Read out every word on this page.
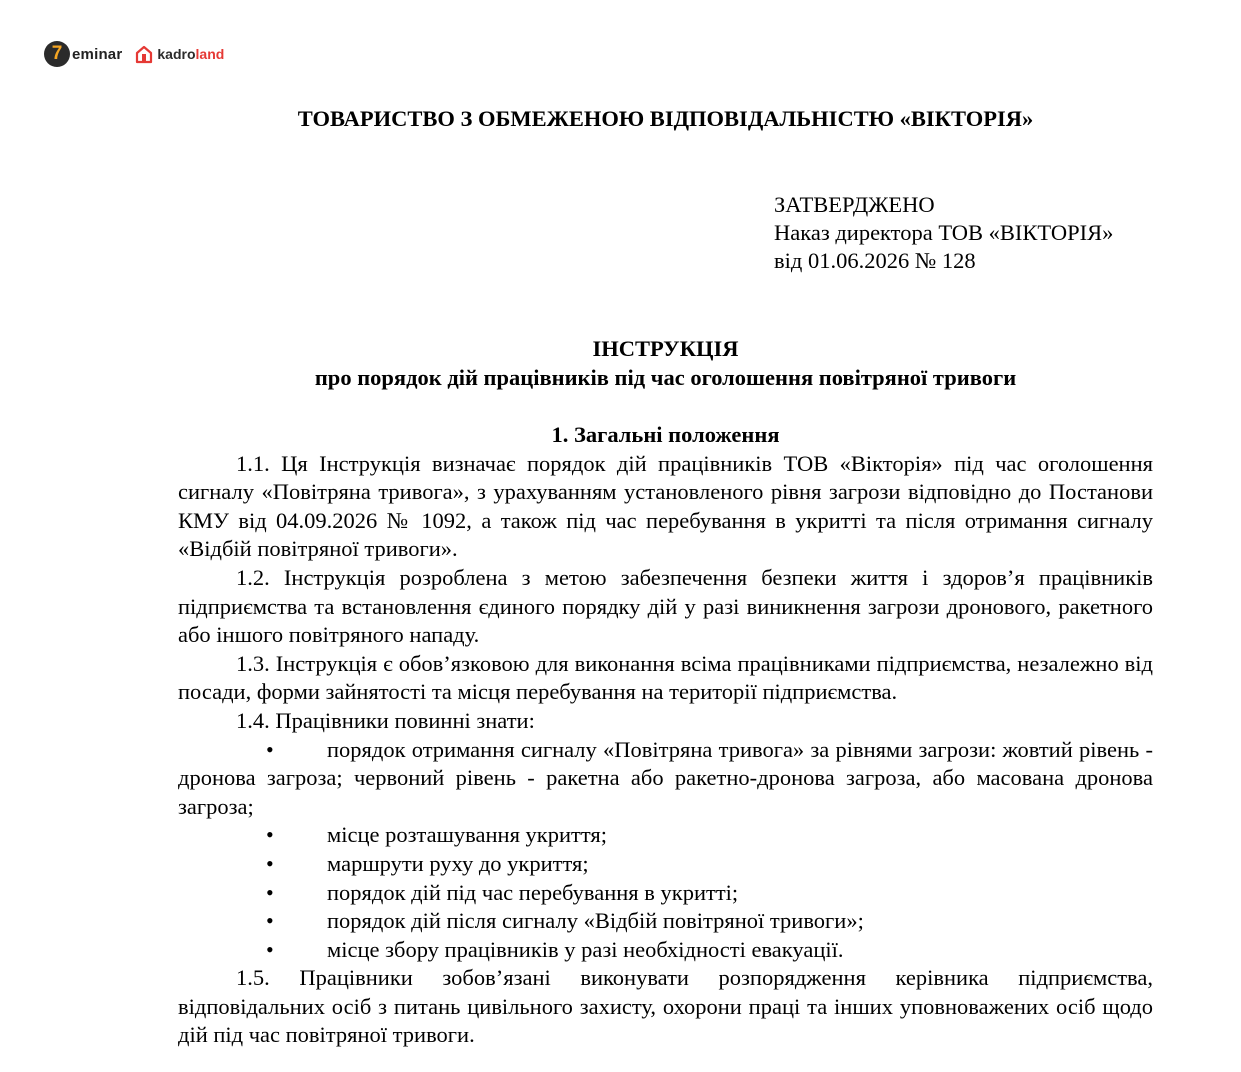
7 eminar	kadroland
ТОВАРИСТВО З ОБМЕЖЕНОЮ ВІДПОВІДАЛЬНІСТЮ «ВІКТОРІЯ»
ЗАТВЕРДЖЕНО
Наказ директора ТОВ «ВІКТОРІЯ»
від 01.06.2026 № 128
ІНСТРУКЦІЯ
про порядок дій працівників під час оголошення повітряної тривоги
1. Загальні положення

1.1. Ця Інструкція визначає порядок дій працівників ТОВ «Вікторія» під час оголошення сигналу «Повітряна тривога», з урахуванням установленого рівня загрози відповідно до Постанови КМУ від 04.09.2026 № 1092, а також під час перебування в укритті та після отримання сигналу «Відбій повітряної тривоги».

1.2. Інструкція розроблена з метою забезпечення безпеки життя і здоров’я працівників підприємства та встановлення єдиного порядку дій у разі виникнення загрози дронового, ракетного або іншого повітряного нападу.

1.3. Інструкція є обов’язковою для виконання всіма працівниками підприємства, незалежно від посади, форми зайнятості та місця перебування на території підприємства.

1.4. Працівники повинні знати:

• порядок отримання сигналу «Повітряна тривога» за рівнями загрози: жовтий рівень - дронова загроза; червоний рівень - ракетна або ракетно-дронова загроза, або масована дронова загроза;
• місце розташування укриття;
• маршрути руху до укриття;
• порядок дій під час перебування в укритті;
• порядок дій після сигналу «Відбій повітряної тривоги»;
• місце збору працівників у разі необхідності евакуації.

1.5. Працівники зобов’язані виконувати розпорядження керівника підприємства, відповідальних осіб з питань цивільного захисту, охорони праці та інших уповноважених осіб щодо дій під час повітряної тривоги.
